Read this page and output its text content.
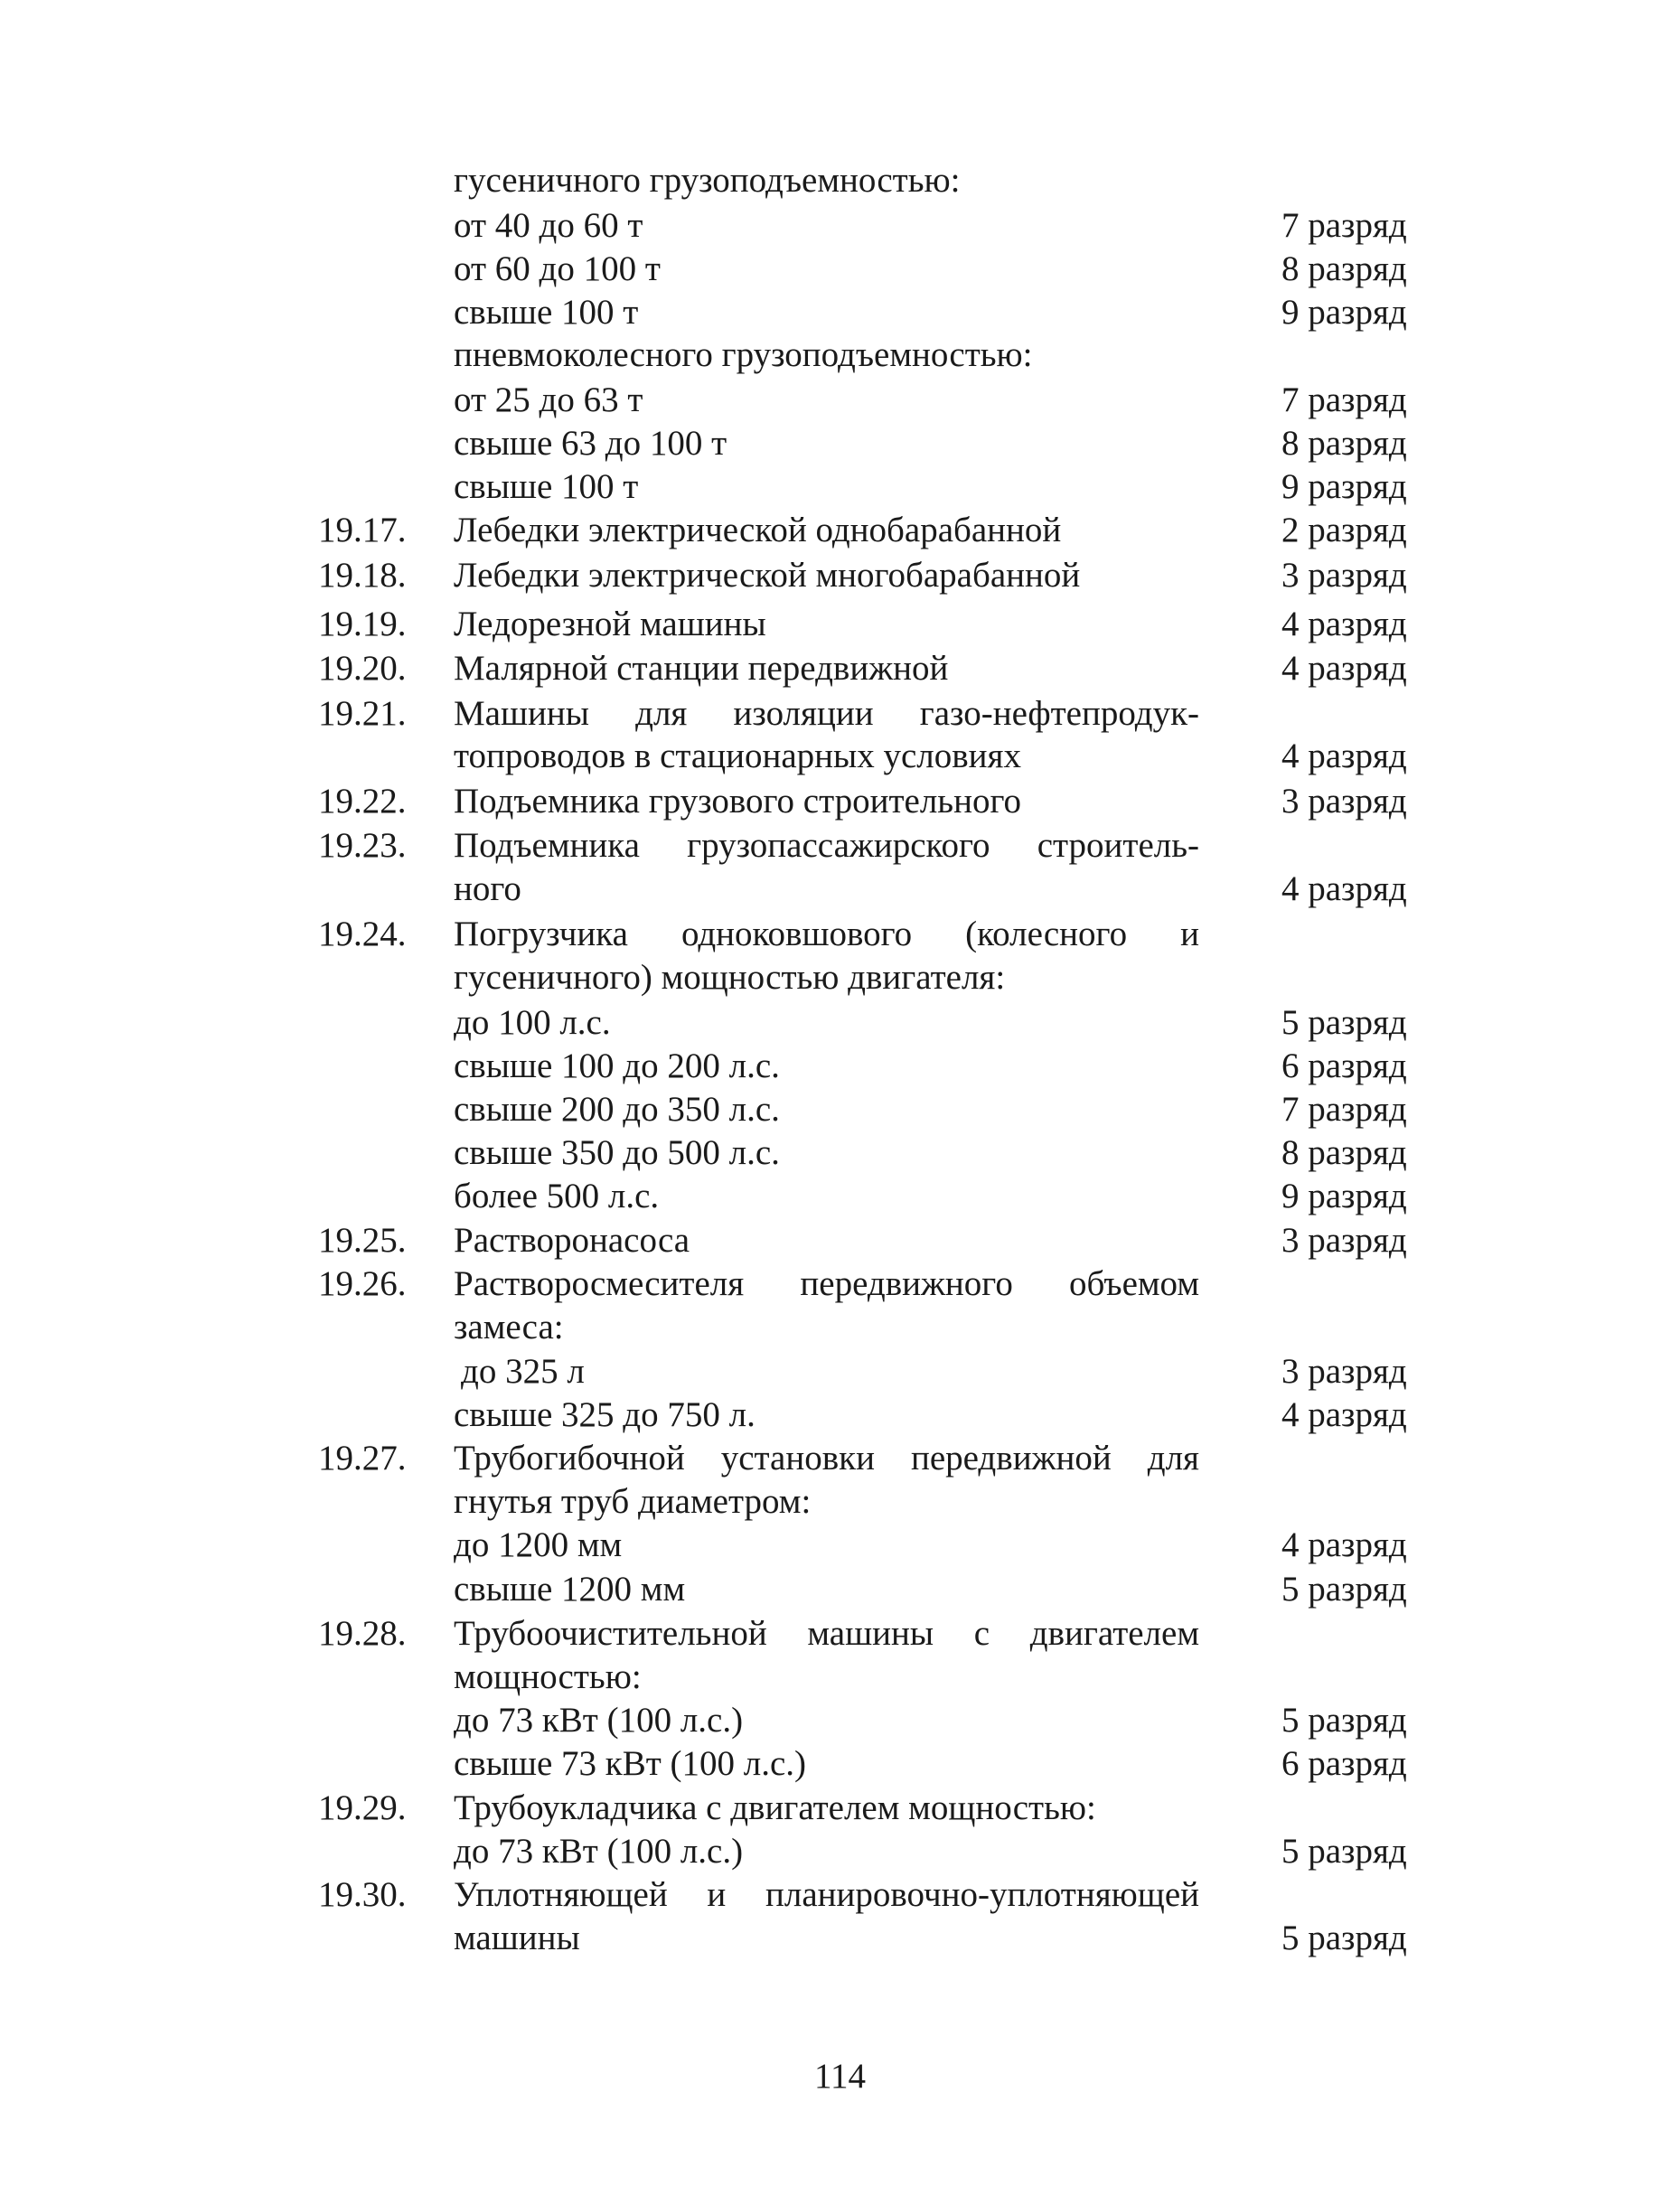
гусеничного грузоподъемностью:
от 40 до 60 т	7 разряд
от 60 до 100 т	8 разряд
свыше 100 т	9 разряд
пневмоколесного грузоподъемностью:
от 25 до 63 т	7 разряд
свыше 63 до 100 т	8 разряд
свыше 100 т	9 разряд
19.17. Лебедки электрической однобарабанной	2 разряд
19.18. Лебедки электрической многобарабанной	3 разряд
19.19. Ледорезной машины	4 разряд
19.20. Малярной станции передвижной	4 разряд
19.21. Машины для изоляции газо-нефтепродук-
топроводов в стационарных условиях	4 разряд
19.22. Подъемника грузового строительного	3 разряд
19.23. Подъемника грузопассажирского строитель-
ного	4 разряд
19.24. Погрузчика одноковшового (колесного и
гусеничного) мощностью двигателя:
до 100 л.с.	5 разряд
свыше 100 до 200 л.с.	6 разряд
свыше 200 до 350 л.с.	7 разряд
свыше 350 до 500 л.с.	8 разряд
более 500 л.с.	9 разряд
19.25. Растворонасоса	3 разряд
19.26. Растворосмесителя передвижного объемом
замеса:
до 325 л	3 разряд
свыше 325 до 750 л.	4 разряд
19.27. Трубогибочной установки передвижной для
гнутья труб диаметром:
до 1200 мм	4 разряд
свыше 1200 мм	5 разряд
19.28. Трубоочистительной машины с двигателем
мощностью:
до 73 кВт (100 л.с.)	5 разряд
свыше 73 кВт (100 л.с.)	6 разряд
19.29. Трубоукладчика с двигателем мощностью:
до 73 кВт (100 л.с.)	5 разряд
19.30. Уплотняющей и планировочно-уплотняющей
машины	5 разряд
114
